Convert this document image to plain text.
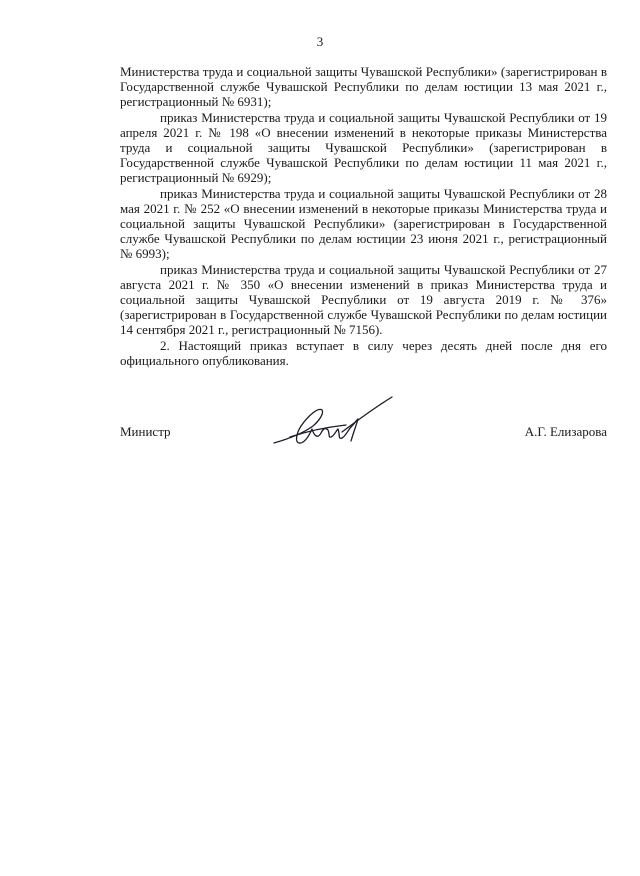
3

Министерства труда и социальной защиты Чувашской Республики» (зарегистрирован в Государственной службе Чувашской Республики по делам юстиции 13 мая 2021 г., регистрационный № 6931);

приказ Министерства труда и социальной защиты Чувашской Республики от 19 апреля 2021 г. № 198 «О внесении изменений в некоторые приказы Министерства труда и социальной защиты Чувашской Республики» (зарегистрирован в Государственной службе Чувашской Республики по делам юстиции 11 мая 2021 г., регистрационный № 6929);

приказ Министерства труда и социальной защиты Чувашской Республики от 28 мая 2021 г. № 252 «О внесении изменений в некоторые приказы Министерства труда и социальной защиты Чувашской Республики» (зарегистрирован в Государственной службе Чувашской Республики по делам юстиции 23 июня 2021 г., регистрационный № 6993);

приказ Министерства труда и социальной защиты Чувашской Республики от 27 августа 2021 г. № 350 «О внесении изменений в приказ Министерства труда и социальной защиты Чувашской Республики от 19 августа 2019 г. № 376» (зарегистрирован в Государственной службе Чувашской Республики по делам юстиции 14 сентября 2021 г., регистрационный № 7156).

2. Настоящий приказ вступает в силу через десять дней после дня его официального опубликования.

Министр	А.Г. Елизарова
